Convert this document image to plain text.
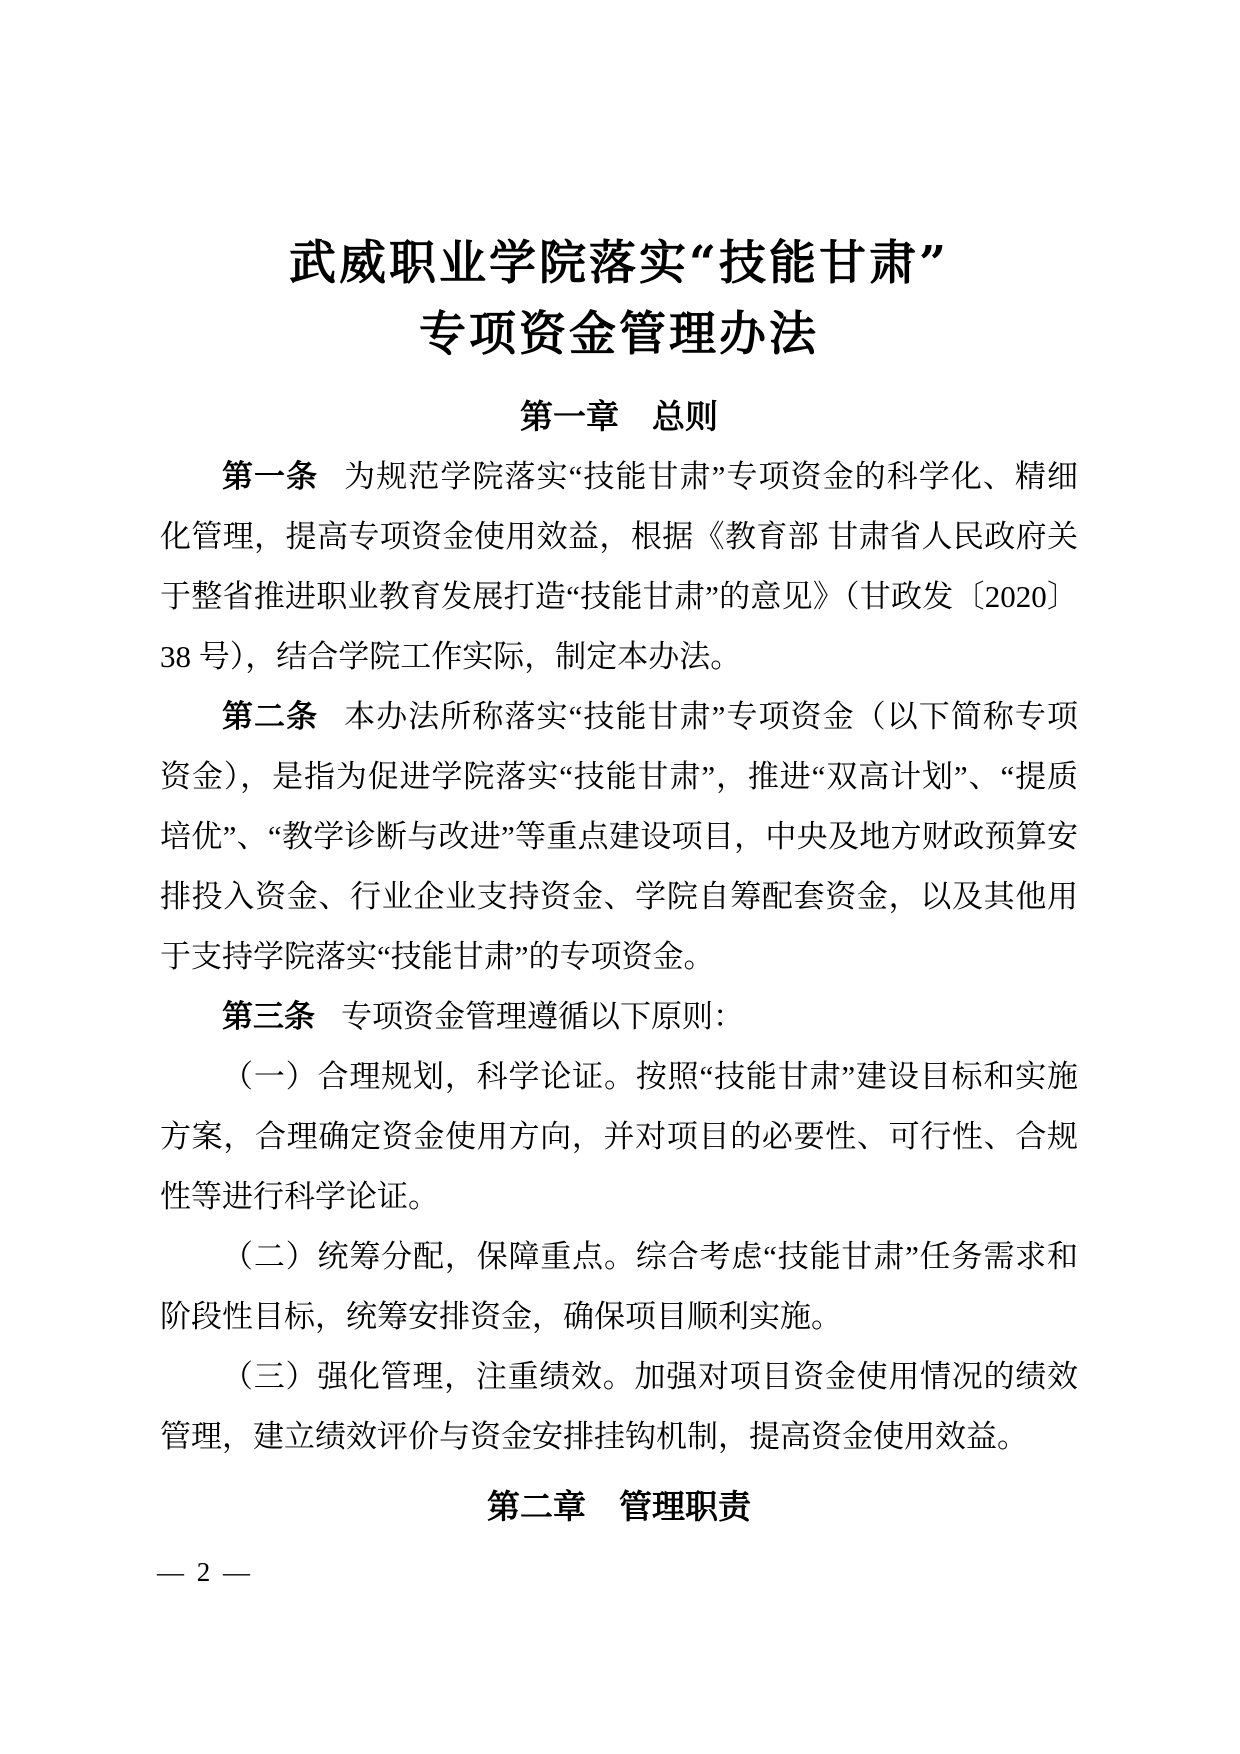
武威职业学院落实“技能甘肃”
专项资金管理办法
第一章　总则

第一条 为规范学院落实“技能甘肃”专项资金的科学化、精细化管理，提高专项资金使用效益，根据《教育部 甘肃省人民政府关于整省推进职业教育发展打造“技能甘肃”的意见》（甘政发〔2020〕38 号），结合学院工作实际，制定本办法。

第二条 本办法所称落实“技能甘肃”专项资金（以下简称专项资金），是指为促进学院落实“技能甘肃”，推进“双高计划”、“提质培优”、“教学诊断与改进”等重点建设项目，中央及地方财政预算安排投入资金、行业企业支持资金、学院自筹配套资金，以及其他用于支持学院落实“技能甘肃”的专项资金。

第三条 专项资金管理遵循以下原则：

（一）合理规划，科学论证。按照“技能甘肃”建设目标和实施方案，合理确定资金使用方向，并对项目的必要性、可行性、合规性等进行科学论证。

（二）统筹分配，保障重点。综合考虑“技能甘肃”任务需求和阶段性目标，统筹安排资金，确保项目顺利实施。

（三）强化管理，注重绩效。加强对项目资金使用情况的绩效管理，建立绩效评价与资金安排挂钩机制，提高资金使用效益。

第二章　管理职责
— 2 —
